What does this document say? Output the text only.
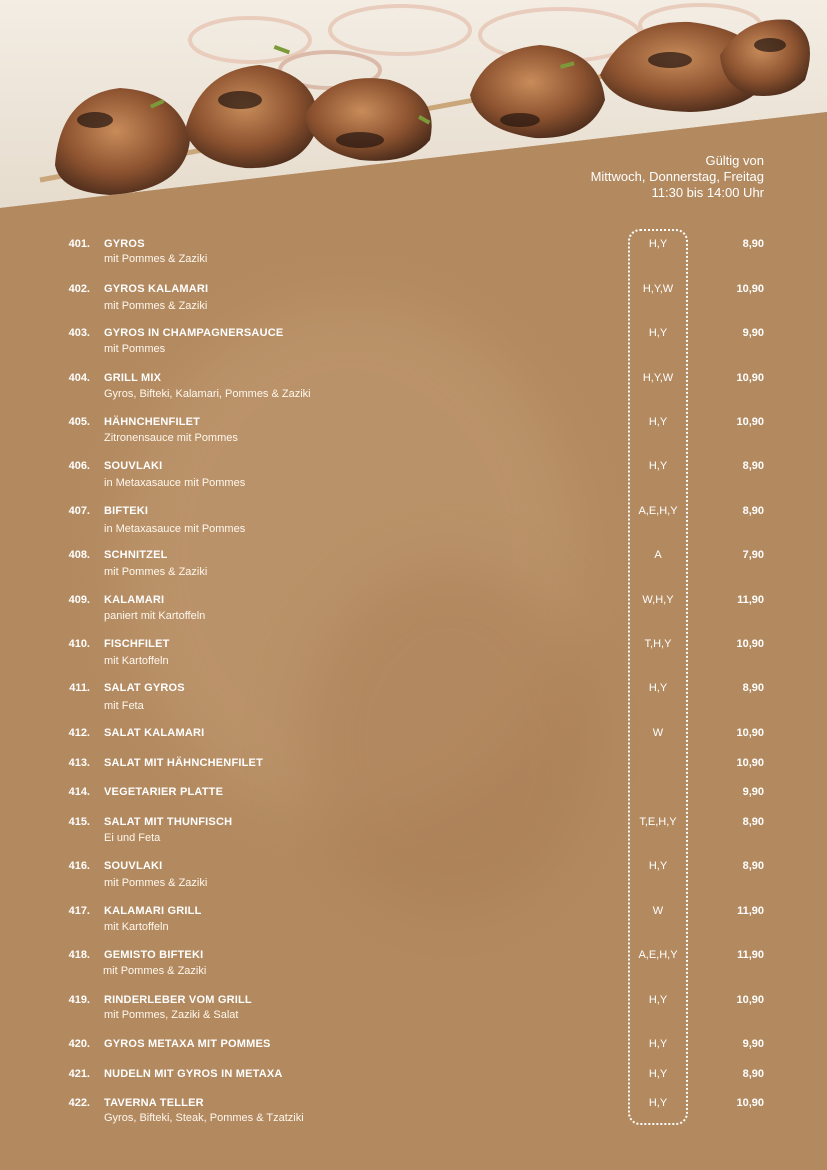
Gültig von
Mittwoch, Donnerstag, Freitag
11:30 bis 14:00 Uhr
401. GYROS
mit Pommes & Zaziki
H,Y	8,90
402. GYROS KALAMARI
mit Pommes & Zaziki
H,Y,W	10,90
403. GYROS IN CHAMPAGNERSAUCE
mit Pommes
H,Y	9,90
404. GRILL MIX
Gyros, Bifteki, Kalamari, Pommes & Zaziki
H,Y,W	10,90
405. HÄHNCHENFILET
Zitronensauce mit Pommes
H,Y	10,90
406. SOUVLAKI
in Metaxasauce mit Pommes
H,Y	8,90
407. BIFTEKI
in Metaxasauce mit Pommes
A,E,H,Y	8,90
408. SCHNITZEL
mit Pommes & Zaziki
A	7,90
409. KALAMARI
paniert mit Kartoffeln
W,H,Y	11,90
410. FISCHFILET
mit Kartoffeln
T,H,Y	10,90
411. SALAT GYROS
mit Feta
H,Y	8,90
412. SALAT KALAMARI	W	10,90
413. SALAT MIT HÄHNCHENFILET	10,90
414. VEGETARIER PLATTE	9,90
415. SALAT MIT THUNFISCH
Ei und Feta
T,E,H,Y	8,90
416. SOUVLAKI
mit Pommes & Zaziki
H,Y	8,90
417. KALAMARI GRILL
mit Kartoffeln
W	11,90
418. GEMISTO BIFTEKI
mit Pommes & Zaziki
A,E,H,Y	11,90
419. RINDERLEBER VOM GRILL
mit Pommes, Zaziki & Salat
H,Y	10,90
420. GYROS METAXA MIT POMMES	H,Y	9,90
421. NUDELN MIT GYROS IN METAXA	H,Y	8,90
422. TAVERNA TELLER
Gyros, Bifteki, Steak, Pommes & Tzatziki
H,Y	10,90
